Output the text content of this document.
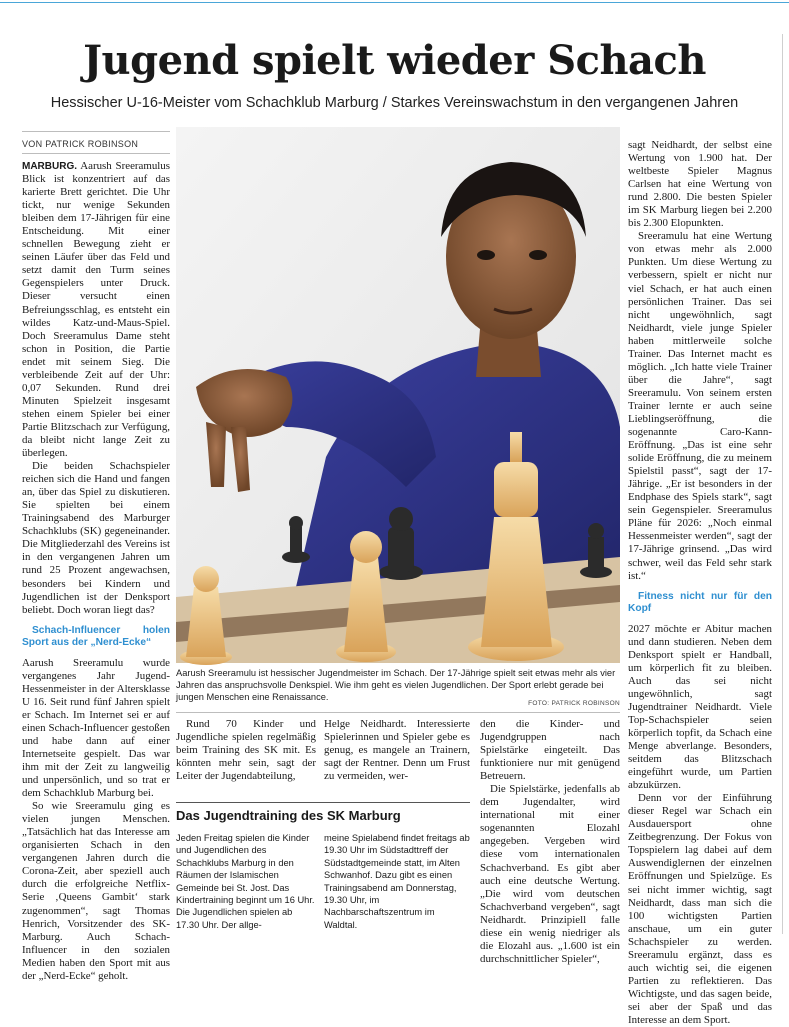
Jugend spielt wieder Schach
Hessischer U-16-Meister vom Schachklub Marburg / Starkes Vereinswachstum in den vergangenen Jahren
VON PATRICK ROBINSON

MARBURG. Aarush Sreeramulus Blick ist konzentriert auf das karierte Brett gerichtet. Die Uhr tickt, nur wenige Sekunden bleiben dem 17-Jährigen für eine Entscheidung. Mit einer schnellen Bewegung zieht er seinen Läufer über das Feld und setzt damit den Turm seines Gegenspielers unter Druck. Dieser versucht einen Befreiungsschlag, es entsteht ein wildes Katz-und-Maus-Spiel. Doch Sreeramulus Dame steht schon in Position, die Partie endet mit seinem Sieg. Die verbleibende Zeit auf der Uhr: 0,07 Sekunden. Rund drei Minuten Spielzeit insgesamt stehen einem Spieler bei einer Partie Blitzschach zur Verfügung, da bleibt nicht lange Zeit zu überlegen.

Die beiden Schachspieler reichen sich die Hand und fangen an, über das Spiel zu diskutieren. Sie spielten bei einem Trainingsabend des Marburger Schachklubs (SK) gegeneinander. Die Mitgliederzahl des Vereins ist in den vergangenen Jahren um rund 25 Prozent angewachsen, besonders bei Kindern und Jugendlichen ist der Denksport beliebt. Doch woran liegt das?

Schach-Influencer holen Sport aus der „Nerd-Ecke“

Aarush Sreeramulu wurde vergangenes Jahr Jugend-Hessenmeister in der Altersklasse U 16. Seit rund fünf Jahren spielt er Schach. Im Internet sei er auf einen Schach-Influencer gestoßen und habe dann auf einer Internetseite gespielt. Das war ihm mit der Zeit zu langweilig und unpersönlich, und so trat er dem Schachklub Marburg bei.

So wie Sreeramulu ging es vielen jungen Menschen. „Tatsächlich hat das Interesse am organisierten Schach in den vergangenen Jahren durch die Corona-Zeit, aber speziell auch durch die erfolgreiche Netflix-Serie ‚Queens Gambit‘ stark zugenommen“, sagt Thomas Henrich, Vorsitzender des SK-Marburg. Auch Schach-Influencer in den sozialen Medien haben den Sport mit aus der „Nerd-Ecke“ geholt.

Aarush Sreeramulu ist hessischer Jugendmeister im Schach. Der 17-Jährige spielt seit etwas mehr als vier Jahren das anspruchsvolle Denkspiel. Wie ihm geht es vielen Jugendlichen. Der Sport erlebt gerade bei jungen Menschen eine Renaissance.
FOTO: PATRICK ROBINSON

Rund 70 Kinder und Jugendliche spielen regelmäßig beim Training des SK mit. Es könnten mehr sein, sagt der Leiter der Jugendabteilung,

Helge Neidhardt. Interessierte Spielerinnen und Spieler gebe es genug, es mangele an Trainern, sagt der Rentner. Denn um Frust zu vermeiden, wer-

den die Kinder- und Jugendgruppen nach Spielstärke eingeteilt. Das funktioniere nur mit genügend Betreuern.

Die Spielstärke, jedenfalls ab dem Jugendalter, wird international mit einer sogenannten Elozahl angegeben. Vergeben wird diese vom internationalen Schachverband. Es gibt aber auch eine deutsche Wertung. „Die wird vom deutschen Schachverband vergeben“, sagt Neidhardt. Prinzipiell falle diese ein wenig niedriger als die Elozahl aus. „1.600 ist ein durchschnittlicher Spieler“,

Das Jugendtraining des SK Marburg
Jeden Freitag spielen die Kinder und Jugendlichen des Schachklubs Marburg in den Räumen der Islamischen Gemeinde bei St. Jost. Das Kindertraining beginnt um 16 Uhr. Die Jugendlichen spielen ab 17.30 Uhr. Der allge-
meine Spielabend findet freitags ab 19.30 Uhr im Südstadttreff der Südstadtgemeinde statt, im Alten Schwanhof. Dazu gibt es einen Trainingsabend am Donnerstag, 19.30 Uhr, im Nachbarschaftszentrum im Waldtal.

sagt Neidhardt, der selbst eine Wertung von 1.900 hat. Der weltbeste Spieler Magnus Carlsen hat eine Wertung von rund 2.800. Die besten Spieler im SK Marburg liegen bei 2.200 bis 2.300 Elopunkten.

Sreeramulu hat eine Wertung von etwas mehr als 2.000 Punkten. Um diese Wertung zu verbessern, spielt er nicht nur viel Schach, er hat auch einen persönlichen Trainer. Das sei nicht ungewöhnlich, sagt Neidhardt, viele junge Spieler haben mittlerweile solche Trainer. Das Internet macht es möglich. „Ich hatte viele Trainer über die Jahre“, sagt Sreeramulu. Von seinem ersten Trainer lernte er auch seine Lieblingseröffnung, die sogenannte Caro-Kann-Eröffnung. „Das ist eine sehr solide Eröffnung, die zu meinem Spielstil passt“, sagt der 17-Jährige. „Er ist besonders in der Endphase des Spiels stark“, sagt sein Gegenspieler. Sreeramulus Pläne für 2026: „Noch einmal Hessenmeister werden“, sagt der 17-Jährige grinsend. „Das wird schwer, weil das Feld sehr stark ist.“

Fitness nicht nur für den Kopf

2027 möchte er Abitur machen und dann studieren. Neben dem Denksport spielt er Handball, um körperlich fit zu bleiben. Auch das sei nicht ungewöhnlich, sagt Jugendtrainer Neidhardt. Viele Top-Schachspieler seien körperlich topfit, da Schach eine Menge abverlange. Besonders, seitdem das Blitzschach eingeführt wurde, um Partien abzukürzen.

Denn vor der Einführung dieser Regel war Schach ein Ausdauersport ohne Zeitbegrenzung. Der Fokus von Topspielern lag dabei auf dem Auswendiglernen der einzelnen Eröffnungen und Spielzüge. Es sei nicht immer wichtig, sagt Neidhardt, dass man sich die 100 wichtigsten Partien anschaue, um ein guter Schachspieler zu werden. Sreeramulu ergänzt, dass es auch wichtig sei, die eigenen Partien zu reflektieren. Das Wichtigste, und das sagen beide, sei aber der Spaß und das Interesse an dem Sport.
